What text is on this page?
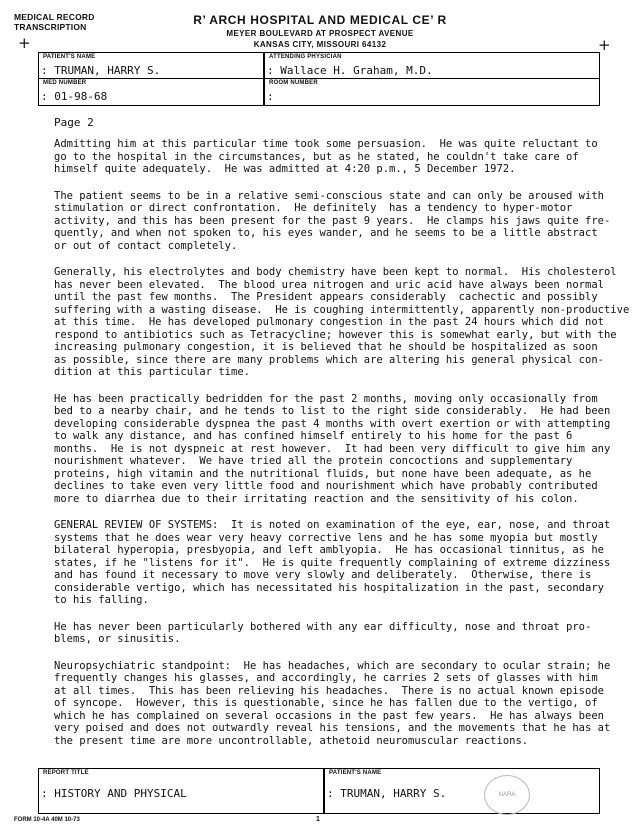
MEDICAL RECORD
TRANSCRIPTION
+	+
R’ ARCH HOSPITAL AND MEDICAL CE’ R
MEYER BOULEVARD AT PROSPECT AVENUE
KANSAS CITY, MISSOURI 64132
PATIENT'S NAME
: TRUMAN, HARRY S.
ATTENDING PHYSICIAN
: Wallace H. Graham, M.D.
MED NUMBER
: 01-98-68
ROOM NUMBER
:
Page 2

Admitting him at this particular time took some persuasion.  He was quite reluctant to
go to the hospital in the circumstances, but as he stated, he couldn't take care of
himself quite adequately.  He was admitted at 4:20 p.m., 5 December 1972.

The patient seems to be in a relative semi-conscious state and can only be aroused with
stimulation or direct confrontation.  He definitely  has a tendency to hyper-motor
activity, and this has been present for the past 9 years.  He clamps his jaws quite fre-
quently, and when not spoken to, his eyes wander, and he seems to be a little abstract
or out of contact completely.

Generally, his electrolytes and body chemistry have been kept to normal.  His cholesterol
has never been elevated.  The blood urea nitrogen and uric acid have always been normal
until the past few months.  The President appears considerably  cachectic and possibly
suffering with a wasting disease.  He is coughing intermittently, apparently non-productive
at this time.  He has developed pulmonary congestion in the past 24 hours which did not
respond to antibiotics such as Tetracycline; however this is somewhat early, but with the
increasing pulmonary congestion, it is believed that he should be hospitalized as soon
as possible, since there are many problems which are altering his general physical con-
dition at this particular time.

He has been practically bedridden for the past 2 months, moving only occasionally from
bed to a nearby chair, and he tends to list to the right side considerably.  He had been
developing considerable dyspnea the past 4 months with overt exertion or with attempting
to walk any distance, and has confined himself entirely to his home for the past 6
months.  He is not dyspneic at rest however.  It had been very difficult to give him any
nourishment whatever.  We have tried all the protein concoctions and supplementary
proteins, high vitamin and the nutritional fluids, but none have been adequate, as he
declines to take even very little food and nourishment which have probably contributed
more to diarrhea due to their irritating reaction and the sensitivity of his colon.

GENERAL REVIEW OF SYSTEMS:  It is noted on examination of the eye, ear, nose, and throat
systems that he does wear very heavy corrective lens and he has some myopia but mostly
bilateral hyperopia, presbyopia, and left amblyopia.  He has occasional tinnitus, as he
states, if he "listens for it".  He is quite frequently complaining of extreme dizziness
and has found it necessary to move very slowly and deliberately.  Otherwise, there is
considerable vertigo, which has necessitated his hospitalization in the past, secondary
to his falling.

He has never been particularly bothered with any ear difficulty, nose and throat pro-
blems, or sinusitis.

Neuropsychiatric standpoint:  He has headaches, which are secondary to ocular strain; he
frequently changes his glasses, and accordingly, he carries 2 sets of glasses with him
at all times.  This has been relieving his headaches.  There is no actual known episode
of syncope.  However, this is questionable, since he has fallen due to the vertigo, of
which he has complained on several occasions in the past few years.  He has always been
very poised and does not outwardly reveal his tensions, and the movements that he has at
the present time are more uncontrollable, athetoid neuromuscular reactions.

REPORT TITLE
: HISTORY AND PHYSICAL
PATIENT'S NAME
: TRUMAN, HARRY S.	NARA
FORM 10-4A 40M 10-73	1
